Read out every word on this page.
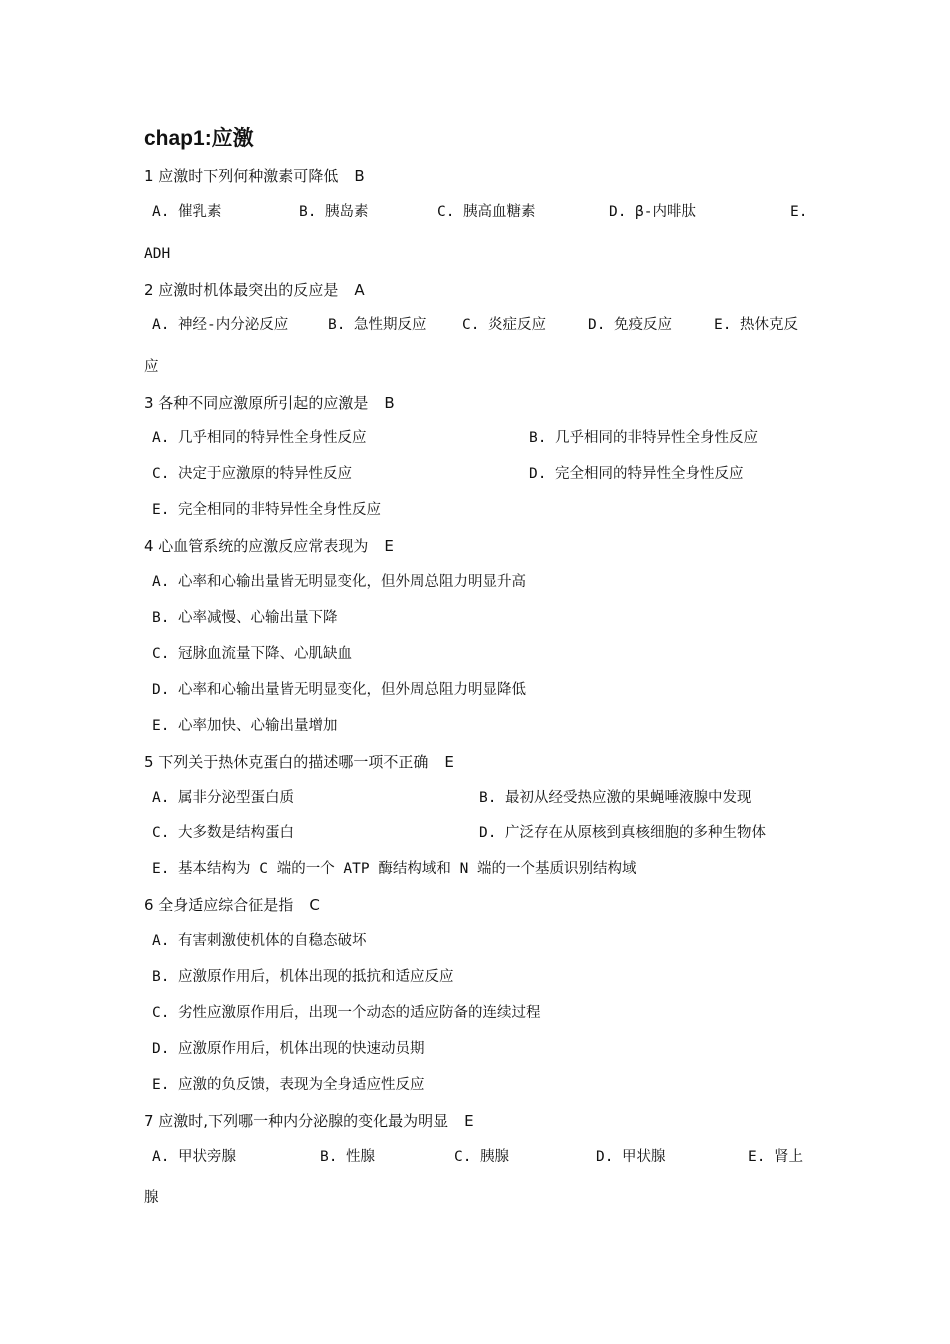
chap1:应激
1 应激时下列何种激素可降低 B
A. 催乳素	B. 胰岛素	C. 胰高血糖素	D. β-内啡肽	E.
ADH
2 应激时机体最突出的反应是 A
A. 神经-内分泌反应	B. 急性期反应 C. 炎症反应	D. 免疫反应	E. 热休克反
应
3 各种不同应激原所引起的应激是 B
A. 几乎相同的特异性全身性反应	B. 几乎相同的非特异性全身性反应
C. 决定于应激原的特异性反应	D. 完全相同的特异性全身性反应
E. 完全相同的非特异性全身性反应
4 心血管系统的应激反应常表现为 E
A. 心率和心输出量皆无明显变化，但外周总阻力明显升高
B. 心率减慢、心输出量下降
C. 冠脉血流量下降、心肌缺血
D. 心率和心输出量皆无明显变化，但外周总阻力明显降低
E. 心率加快、心输出量增加
5 下列关于热休克蛋白的描述哪一项不正确 E
A. 属非分泌型蛋白质	B. 最初从经受热应激的果蝇唾液腺中发现
C. 大多数是结构蛋白	D. 广泛存在从原核到真核细胞的多种生物体
E. 基本结构为 C 端的一个 ATP 酶结构域和 N 端的一个基质识别结构域
6 全身适应综合征是指 C
A. 有害刺激使机体的自稳态破坏
B. 应激原作用后，机体出现的抵抗和适应反应
C. 劣性应激原作用后，出现一个动态的适应防备的连续过程
D. 应激原作用后，机体出现的快速动员期
E. 应激的负反馈，表现为全身适应性反应
7 应激时,下列哪一种内分泌腺的变化最为明显 E
A. 甲状旁腺	B. 性腺	C. 胰腺	D. 甲状腺	E. 肾上
腺
